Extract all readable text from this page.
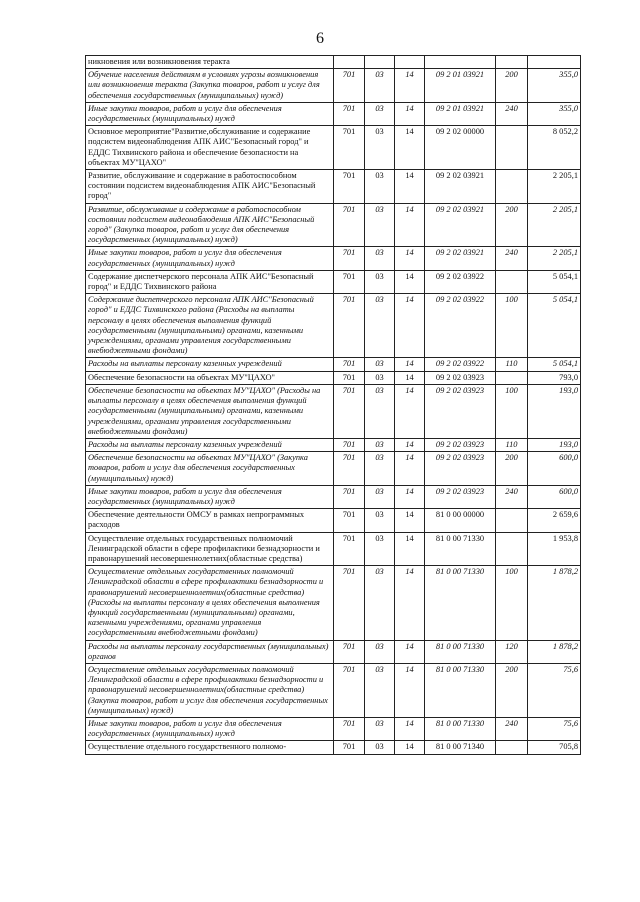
6
никновения или возникновения теракта						
Обучение населения действиям в условиях угрозы возникновения или возникновения теракта (Закупка товаров, работ и услуг для обеспечения государственных (муниципальных) нужд)	701	03	14	09 2 01 03921	200	355,0
Иные закупки товаров, работ и услуг для обеспечения государственных (муниципальных) нужд	701	03	14	09 2 01 03921	240	355,0
Основное мероприятие"Развитие,обслуживание и содержание подсистем видеонаблюдения АПК АИС"Безопасный город" и ЕДДС Тихвинского района и обеспечение безопасности на объектах МУ"ЦАХО"	701	03	14	09 2 02 00000		8 052,2
Развитие, обслуживание и содержание в работоспособном состоянии подсистем видеонаблюдения АПК АИС"Безопасный город"	701	03	14	09 2 02 03921		2 205,1
Развитие, обслуживание и содержание в работоспособном состоянии подсистем видеонаблюдения АПК АИС"Безопасный город" (Закупка товаров, работ и услуг для обеспечения государственных (муниципальных) нужд)	701	03	14	09 2 02 03921	200	2 205,1
Иные закупки товаров, работ и услуг для обеспечения государственных (муниципальных) нужд	701	03	14	09 2 02 03921	240	2 205,1
Содержание диспетчерского персонала АПК АИС"Безопасный город" и ЕДДС Тихвинского района	701	03	14	09 2 02 03922		5 054,1
Содержание диспетчерского персонала АПК АИС"Безопасный город" и ЕДДС Тихвинского района (Расходы на выплаты персоналу в целях обеспечения выполнения функций государственными (муниципальными) органами, казенными учреждениями, органами управления государственными внебюджетными фондами)	701	03	14	09 2 02 03922	100	5 054,1
Расходы на выплаты персоналу казенных учреждений	701	03	14	09 2 02 03922	110	5 054,1
Обеспечение безопасности на объектах МУ"ЦАХО"	701	03	14	09 2 02 03923		793,0
Обеспечение безопасности на объектах МУ"ЦАХО" (Расходы на выплаты персоналу в целях обеспечения выполнения функций государственными (муниципальными) органами, казенными учреждениями, органами управления государственными внебюджетными фондами)	701	03	14	09 2 02 03923	100	193,0
Расходы на выплаты персоналу казенных учреждений	701	03	14	09 2 02 03923	110	193,0
Обеспечение безопасности на объектах МУ"ЦАХО" (Закупка товаров, работ и услуг для обеспечения государственных (муниципальных) нужд)	701	03	14	09 2 02 03923	200	600,0
Иные закупки товаров, работ и услуг для обеспечения государственных (муниципальных) нужд	701	03	14	09 2 02 03923	240	600,0
Обеспечение деятельности ОМСУ в рамках непрограммных расходов	701	03	14	81 0 00 00000		2 659,6
Осуществление отдельных государственных полномочий Ленинградской области в сфере профилактики безнадзорности и правонарушений несовершеннолетних(областные средства)	701	03	14	81 0 00 71330		1 953,8
Осуществление отдельных государственных полномочий Ленинградской области в сфере профилактики безнадзорности и правонарушений несовершеннолетних(областные средства) (Расходы на выплаты персоналу в целях обеспечения выполнения функций государственными (муниципальными) органами, казенными учреждениями, органами управления государственными внебюджетными фондами)	701	03	14	81 0 00 71330	100	1 878,2
Расходы на выплаты персоналу государственных (муниципальных) органов	701	03	14	81 0 00 71330	120	1 878,2
Осуществление отдельных государственных полномочий Ленинградской области в сфере профилактики безнадзорности и правонарушений несовершеннолетних(областные средства) (Закупка товаров, работ и услуг для обеспечения государственных (муниципальных) нужд)	701	03	14	81 0 00 71330	200	75,6
Иные закупки товаров, работ и услуг для обеспечения государственных (муниципальных) нужд	701	03	14	81 0 00 71330	240	75,6
Осуществление отдельного государственного полномо-	701	03	14	81 0 00 71340		705,8
